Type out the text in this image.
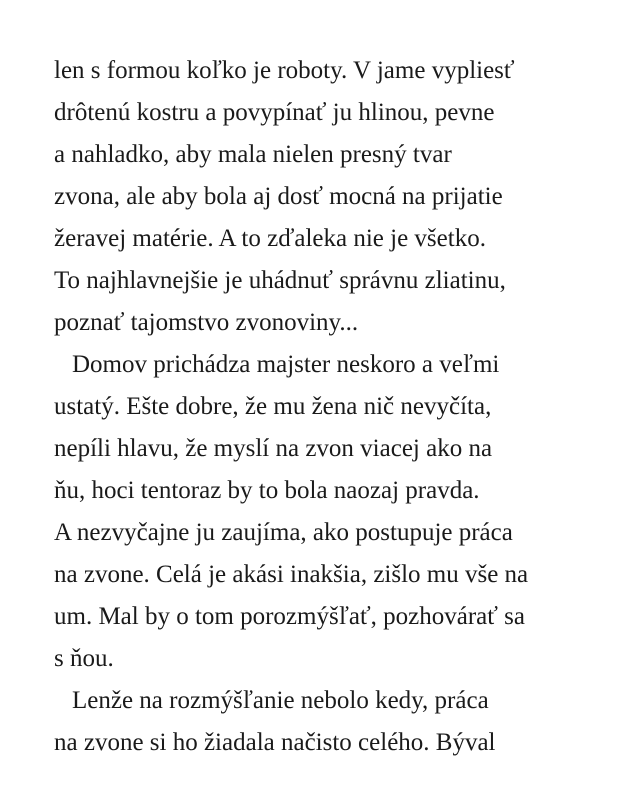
len s formou koľko je roboty. V jame vypliesť

drôtenú kostru a povypínať ju hlinou, pevne

a nahladko, aby mala nielen presný tvar

zvona, ale aby bola aj dosť mocná na prijatie

žeravej matérie. A to zďaleka nie je všetko.

To najhlavnejšie je uhádnuť správnu zliatinu,

poznať tajomstvo zvonoviny...

Domov prichádza majster neskoro a veľmi

ustatý. Ešte dobre, že mu žena nič nevyčíta,

nepíli hlavu, že myslí na zvon viacej ako na

ňu, hoci tentoraz by to bola naozaj pravda.

A nezvyčajne ju zaujíma, ako postupuje práca

na zvone. Celá je akási inakšia, zišlo mu vše na

um. Mal by o tom porozmýšľať, pozhovárať sa

s ňou.

Lenže na rozmýšľanie nebolo kedy, práca

na zvone si ho žiadala načisto celého. Býval
